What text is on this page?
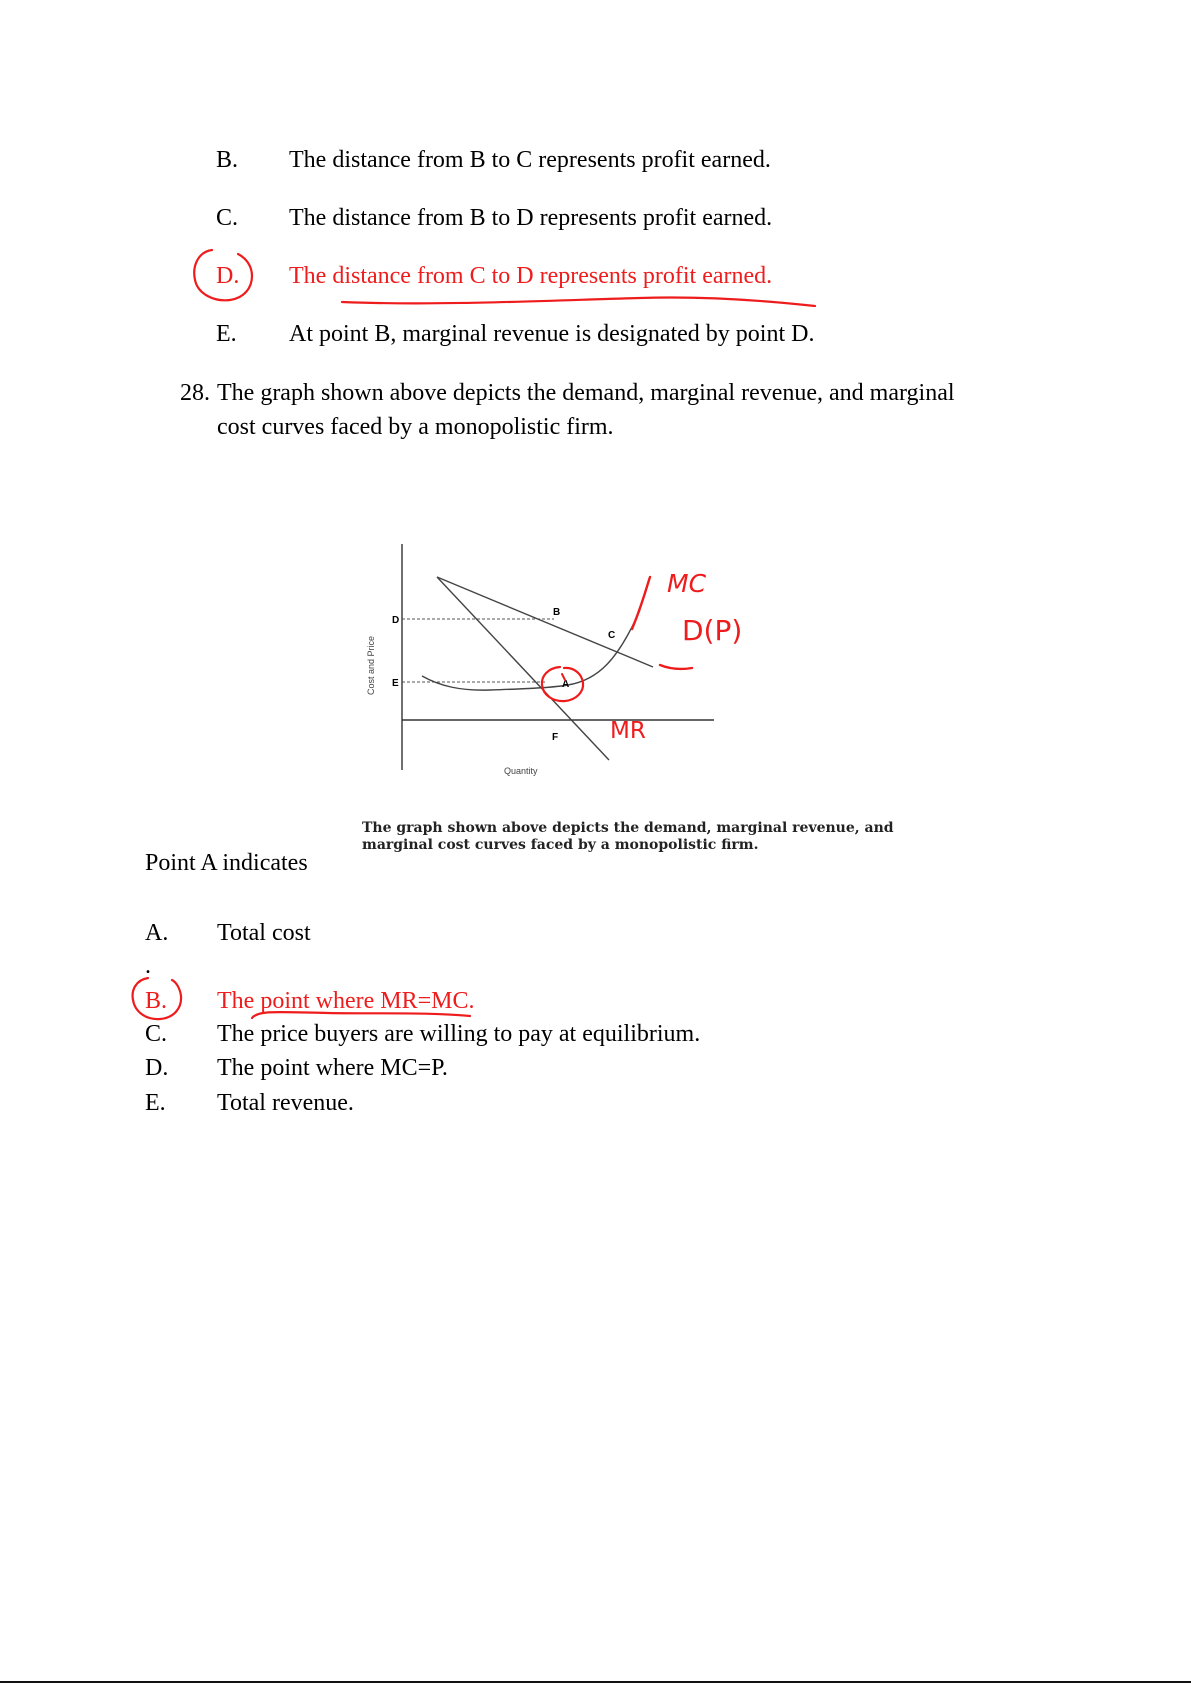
B. The distance from B to C represents profit earned.
C. The distance from B to D represents profit earned.
D. The distance from C to D represents profit earned.
E. At point B, marginal revenue is designated by point D.
28. The graph shown above depicts the demand, marginal revenue, and marginal
cost curves faced by a monopolistic firm.
B
C
D
E	A
F
Cost and Price
Quantity
MC
D(P)
MR
The graph shown above depicts the demand, marginal revenue, and marginal cost curves faced by a monopolistic firm.
Point A indicates
A. Total cost
.
B. The point where MR=MC.
C. The price buyers are willing to pay at equilibrium.
D. The point where MC=P.
E. Total revenue.
